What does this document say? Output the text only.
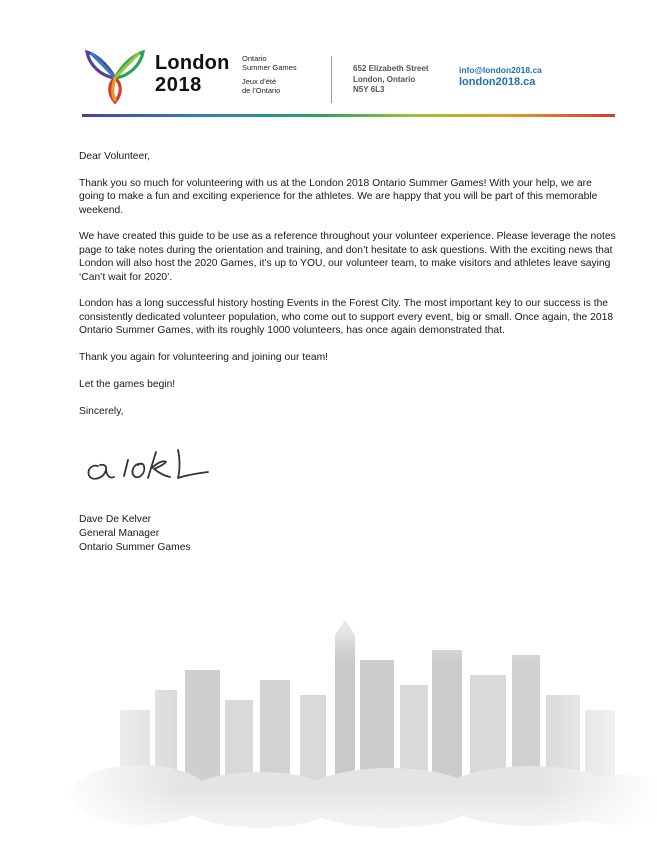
London
2018
Ontario
Summer Games
Jeux d’été
de l’Ontario
652 Elizabeth Street
London, Ontario
N5Y 6L3
info@london2018.ca
london2018.ca

Dear Volunteer,

Thank you so much for volunteering with us at the London 2018 Ontario Summer Games! With your help, we are going to make a fun and exciting experience for the athletes. We are happy that you will be part of this memorable weekend.

We have created this guide to be use as a reference throughout your volunteer experience. Please leverage the notes page to take notes during the orientation and training, and don’t hesitate to ask questions. With the exciting news that London will also host the 2020 Games, it’s up to YOU, our volunteer team, to make visitors and athletes leave saying ‘Can’t wait for 2020’.

London has a long successful history hosting Events in the Forest City. The most important key to our success is the consistently dedicated volunteer population, who come out to support every event, big or small. Once again, the 2018 Ontario Summer Games, with its roughly 1000 volunteers, has once again demonstrated that.

Thank you again for volunteering and joining our team!

Let the games begin!

Sincerely,

Dave De Kelver
General Manager
Ontario Summer Games
